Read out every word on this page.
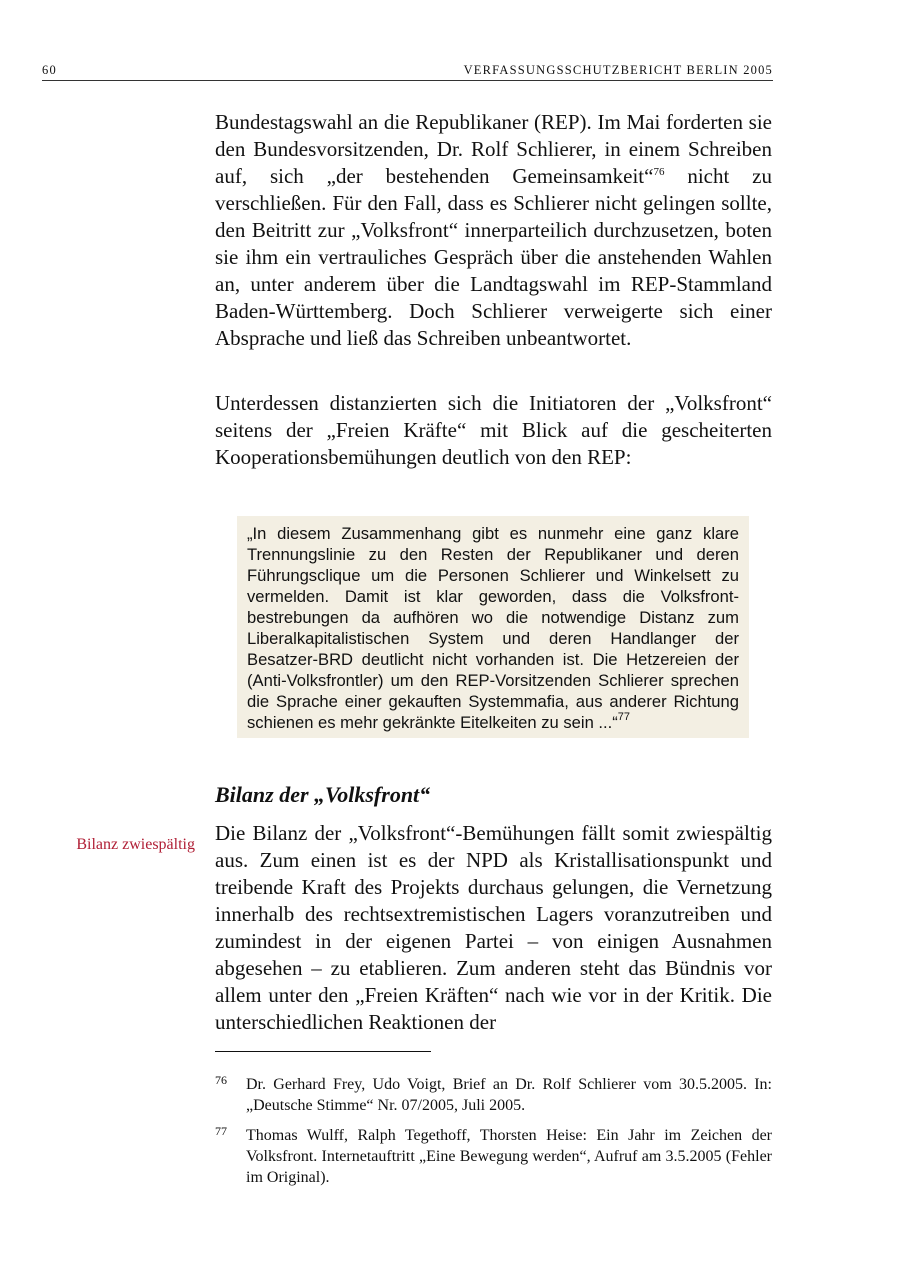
60	VERFASSUNGSSCHUTZBERICHT BERLIN 2005

Bundestagswahl an die Republikaner (REP). Im Mai forderten sie den Bundesvorsitzenden, Dr. Rolf Schlierer, in einem Schreiben auf, sich „der bestehenden Gemeinsamkeit“$^{76}$ nicht zu verschließen. Für den Fall, dass es Schlierer nicht gelingen sollte, den Beitritt zur „Volksfront“ innerparteilich durchzusetzen, boten sie ihm ein vertrauliches Gespräch über die anstehenden Wahlen an, unter anderem über die Landtagswahl im REP-Stammland Baden-Württemberg. Doch Schlierer verweigerte sich einer Absprache und ließ das Schreiben unbeantwortet.

Unterdessen distanzierten sich die Initiatoren der „Volksfront“ seitens der „Freien Kräfte“ mit Blick auf die gescheiterten Kooperationsbemühungen deutlich von den REP:

„In diesem Zusammenhang gibt es nunmehr eine ganz klare Trennungslinie zu den Resten der Republikaner und deren Führungsclique um die Personen Schlierer und Winkelsett zu vermelden. Damit ist klar geworden, dass die Volksfrontbestrebungen da aufhören wo die notwendige Distanz zum Liberalkapitalistischen System und deren Handlanger der Besatzer-BRD deutlicht nicht vorhanden ist. Die Hetzereien der (Anti-Volksfrontler) um den REP-Vorsitzenden Schlierer sprechen die Sprache einer gekauften Systemmafia, aus anderer Richtung schienen es mehr gekränkte Eitelkeiten zu sein ...“$^{77}$

Bilanz der „Volksfront“
Bilanz zwiespältig Die Bilanz der „Volksfront“-Bemühungen fällt somit zwiespältig aus. Zum einen ist es der NPD als Kristallisationspunkt und treibende Kraft des Projekts durchaus gelungen, die Vernetzung innerhalb des rechtsextremistischen Lagers voranzutreiben und zumindest in der eigenen Partei – von einigen Ausnahmen abgesehen – zu etablieren. Zum anderen steht das Bündnis vor allem unter den „Freien Kräften“ nach wie vor in der Kritik. Die unterschiedlichen Reaktionen der

76 Dr. Gerhard Frey, Udo Voigt, Brief an Dr. Rolf Schlierer vom 30.5.2005. In: „Deutsche Stimme“ Nr. 07/2005, Juli 2005.
77 Thomas Wulff, Ralph Tegethoff, Thorsten Heise: Ein Jahr im Zeichen der Volksfront. Internetauftritt „Eine Bewegung werden“, Aufruf am 3.5.2005 (Fehler im Original).
